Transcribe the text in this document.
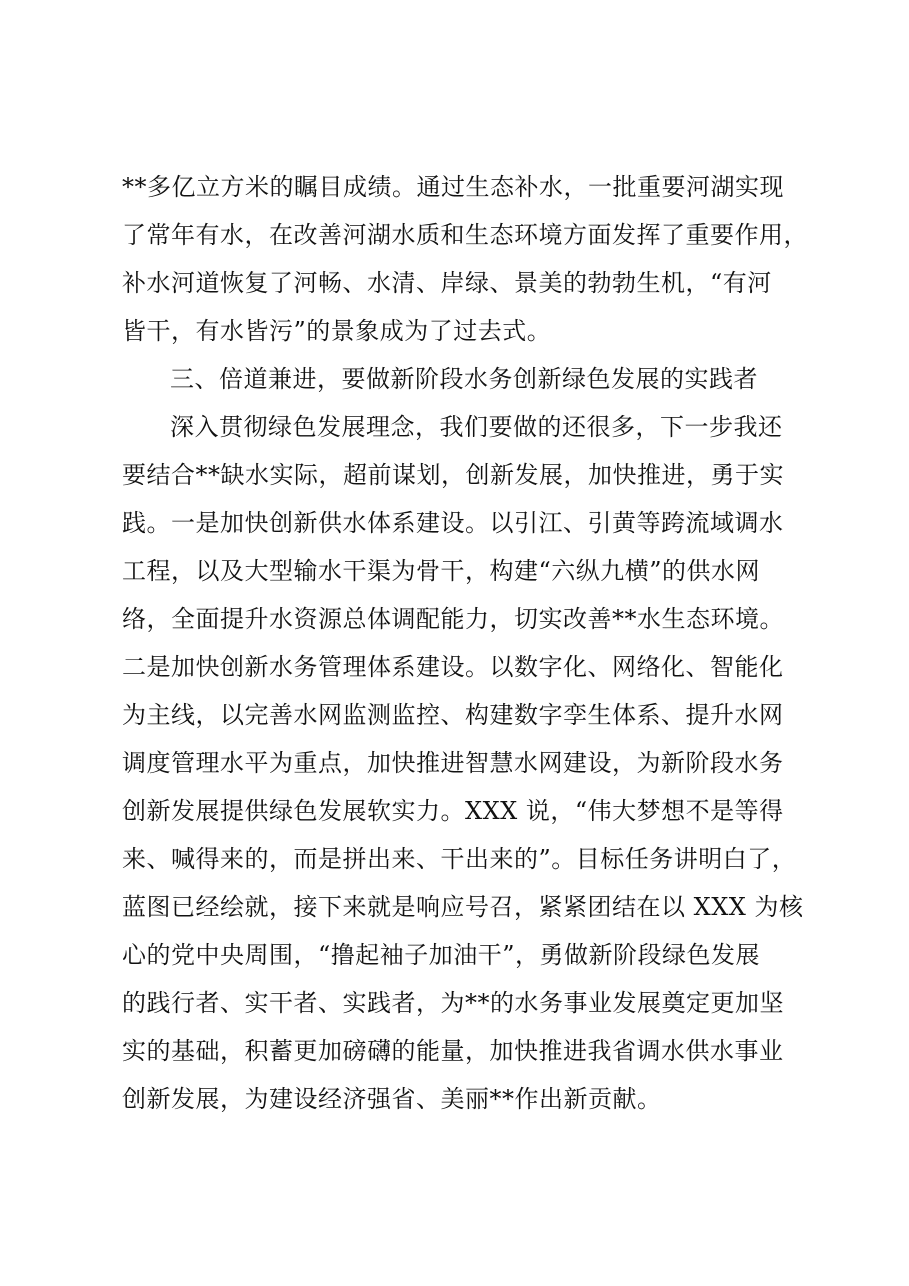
**多亿立方米的瞩目成绩。通过生态补水，一批重要河湖实现
了常年有水，在改善河湖水质和生态环境方面发挥了重要作用，
补水河道恢复了河畅、水清、岸绿、景美的勃勃生机，“有河
皆干，有水皆污”的景象成为了过去式。
三、倍道兼进，要做新阶段水务创新绿色发展的实践者
深入贯彻绿色发展理念，我们要做的还很多，下一步我还
要结合**缺水实际，超前谋划，创新发展，加快推进，勇于实
践。一是加快创新供水体系建设。以引江、引黄等跨流域调水
工程，以及大型输水干渠为骨干，构建“六纵九横”的供水网
络，全面提升水资源总体调配能力，切实改善**水生态环境。
二是加快创新水务管理体系建设。以数字化、网络化、智能化
为主线，以完善水网监测监控、构建数字孪生体系、提升水网
调度管理水平为重点，加快推进智慧水网建设，为新阶段水务
创新发展提供绿色发展软实力。XXX 说，“伟大梦想不是等得
来、喊得来的，而是拼出来、干出来的”。目标任务讲明白了，
蓝图已经绘就，接下来就是响应号召，紧紧团结在以 XXX 为核
心的党中央周围，“撸起袖子加油干”，勇做新阶段绿色发展
的践行者、实干者、实践者，为**的水务事业发展奠定更加坚
实的基础，积蓄更加磅礴的能量，加快推进我省调水供水事业
创新发展，为建设经济强省、美丽**作出新贡献。
